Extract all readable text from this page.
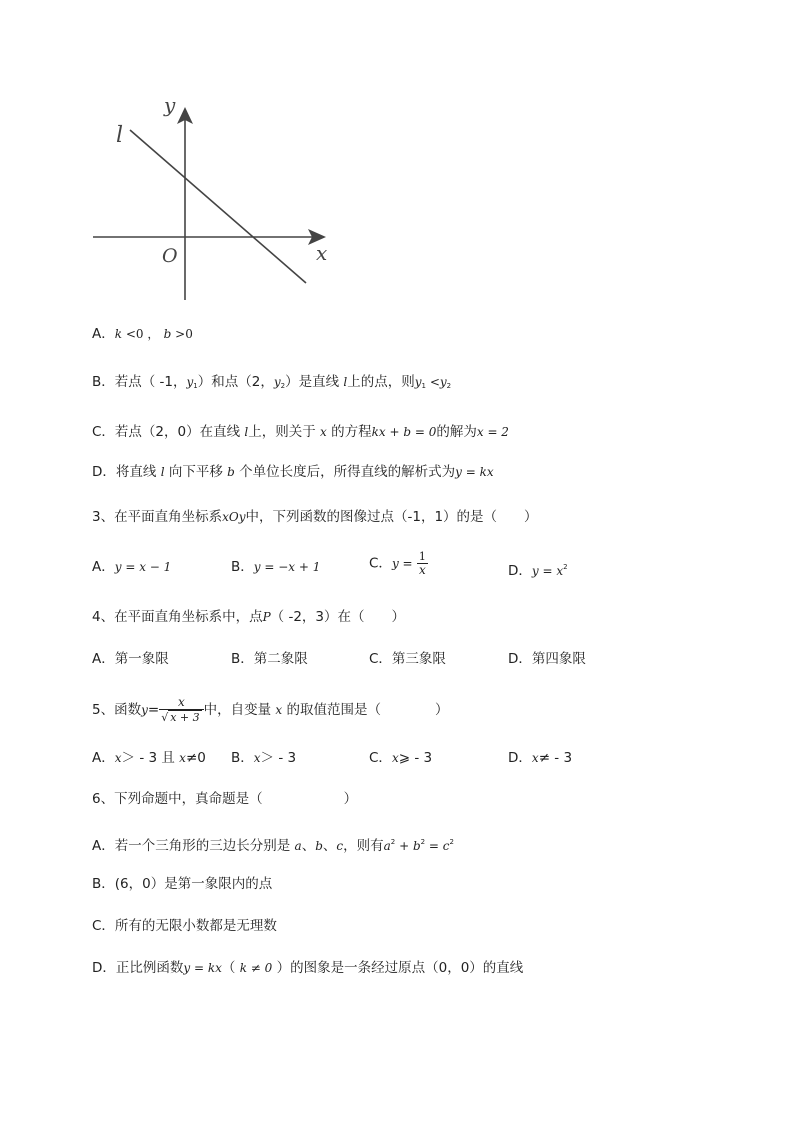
l
y
x
O
A．k <0 ， b >0
B．若点（ -1，$y_1$）和点（2，$y_2$）是直线 l上的点，则$y_1 <y_2$
C．若点（2，0）在直线 l上，则关于 x 的方程kx + b = 0的解为x = 2
D．将直线 l 向下平移 b 个单位长度后，所得直线的解析式为y = kx
3、在平面直角坐标系xOy中，下列函数的图像过点（-1，1）的是（　　）
A．y = x − 1	B．y = −x + 1	C．$y = \frac{1}{x}$	D．$y = x^2$
4、在平面直角坐标系中，点P（ -2，3）在（　　）
A．第一象限	B．第二象限	C．第三象限	D．第四象限
5、函数$y= \frac{x}{√ x + 3}$ 中，自变量 x 的取值范围是（　　　　）
A．x＞ - 3 且 x≠0 B．x＞ - 3	C．x⩾ - 3	D．x≠ - 3
6、下列命题中，真命题是（　　　　　　）
A．若一个三角形的三边长分别是 a、b、c，则有$a^2 + b^2 = c^2$
B．(6，0）是第一象限内的点
C．所有的无限小数都是无理数
D．正比例函数y = kx（ k ≠ 0 ）的图象是一条经过原点（0，0）的直线
